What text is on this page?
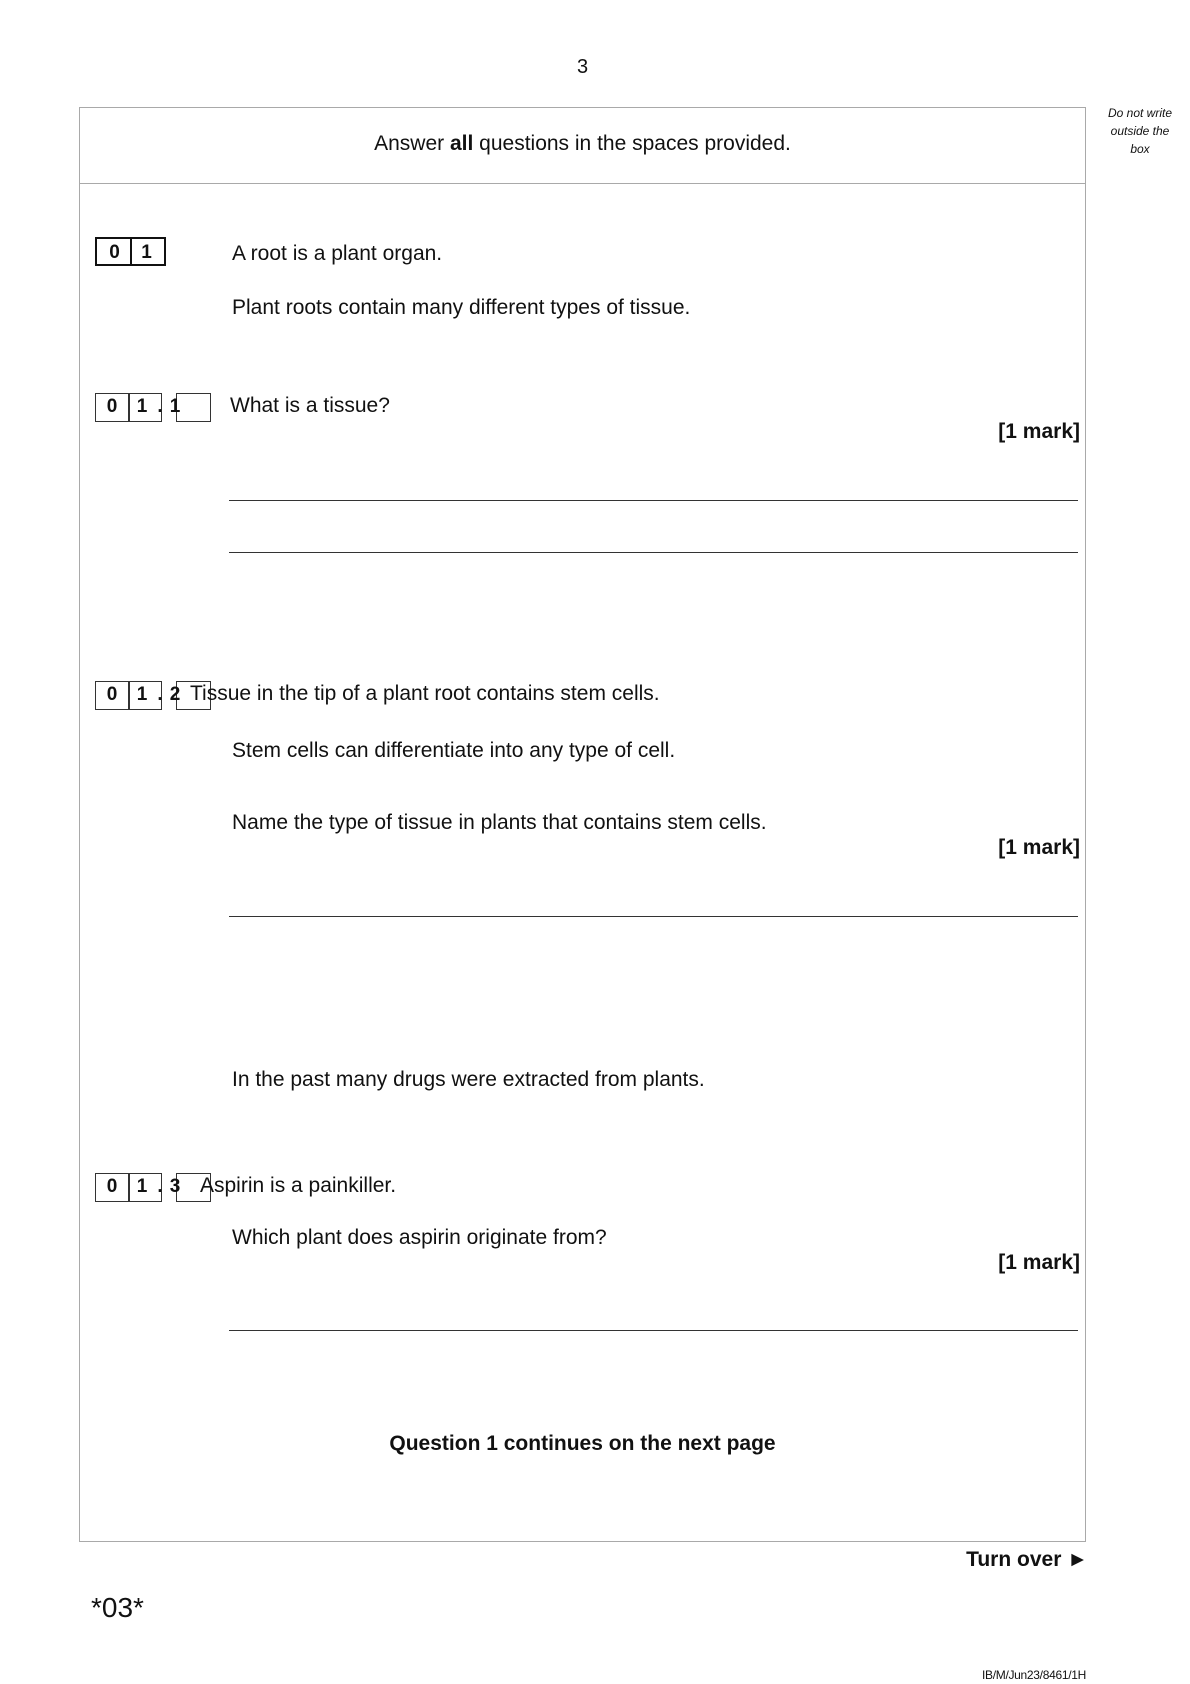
3
Do not write
outside the
box
Answer all questions in the spaces provided.
0 1	A root is a plant organ.
Plant roots contain many different types of tissue.
0	1 . 1 What is a tissue?
[1 mark]
0	1 . 2 Tissue in the tip of a plant root contains stem cells.
Stem cells can differentiate into any type of cell.
Name the type of tissue in plants that contains stem cells.
[1 mark]
In the past many drugs were extracted from plants.
0	1 . 3 Aspirin is a painkiller.
Which plant does aspirin originate from?
[1 mark]
Question 1 continues on the next page
Turn over ►
*03*
IB/M/Jun23/8461/1H
